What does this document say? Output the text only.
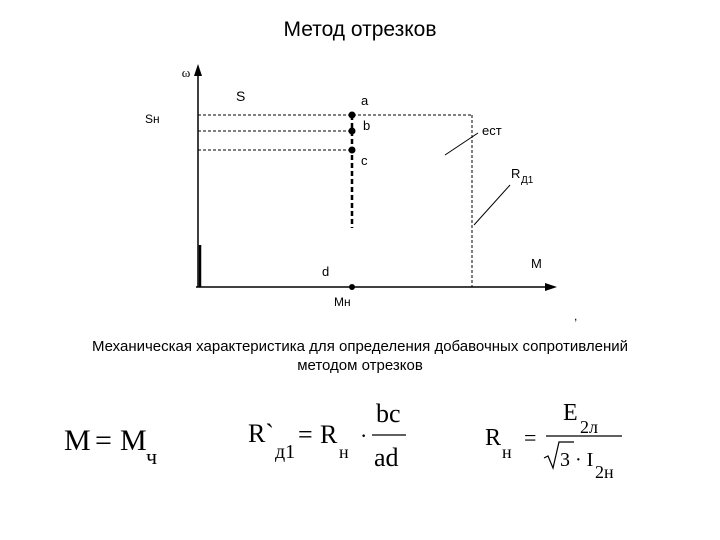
Метод отрезков
ω
S
Sн
a
b
c
d
ест
R Д1
M
Mн
,
Механическая характеристика для определения добавочных сопротивлений
методом отрезков
M = M ч
R`
д1
= R
н
·
bc
ad
R
н
=
E
2л
3 · I
2н
